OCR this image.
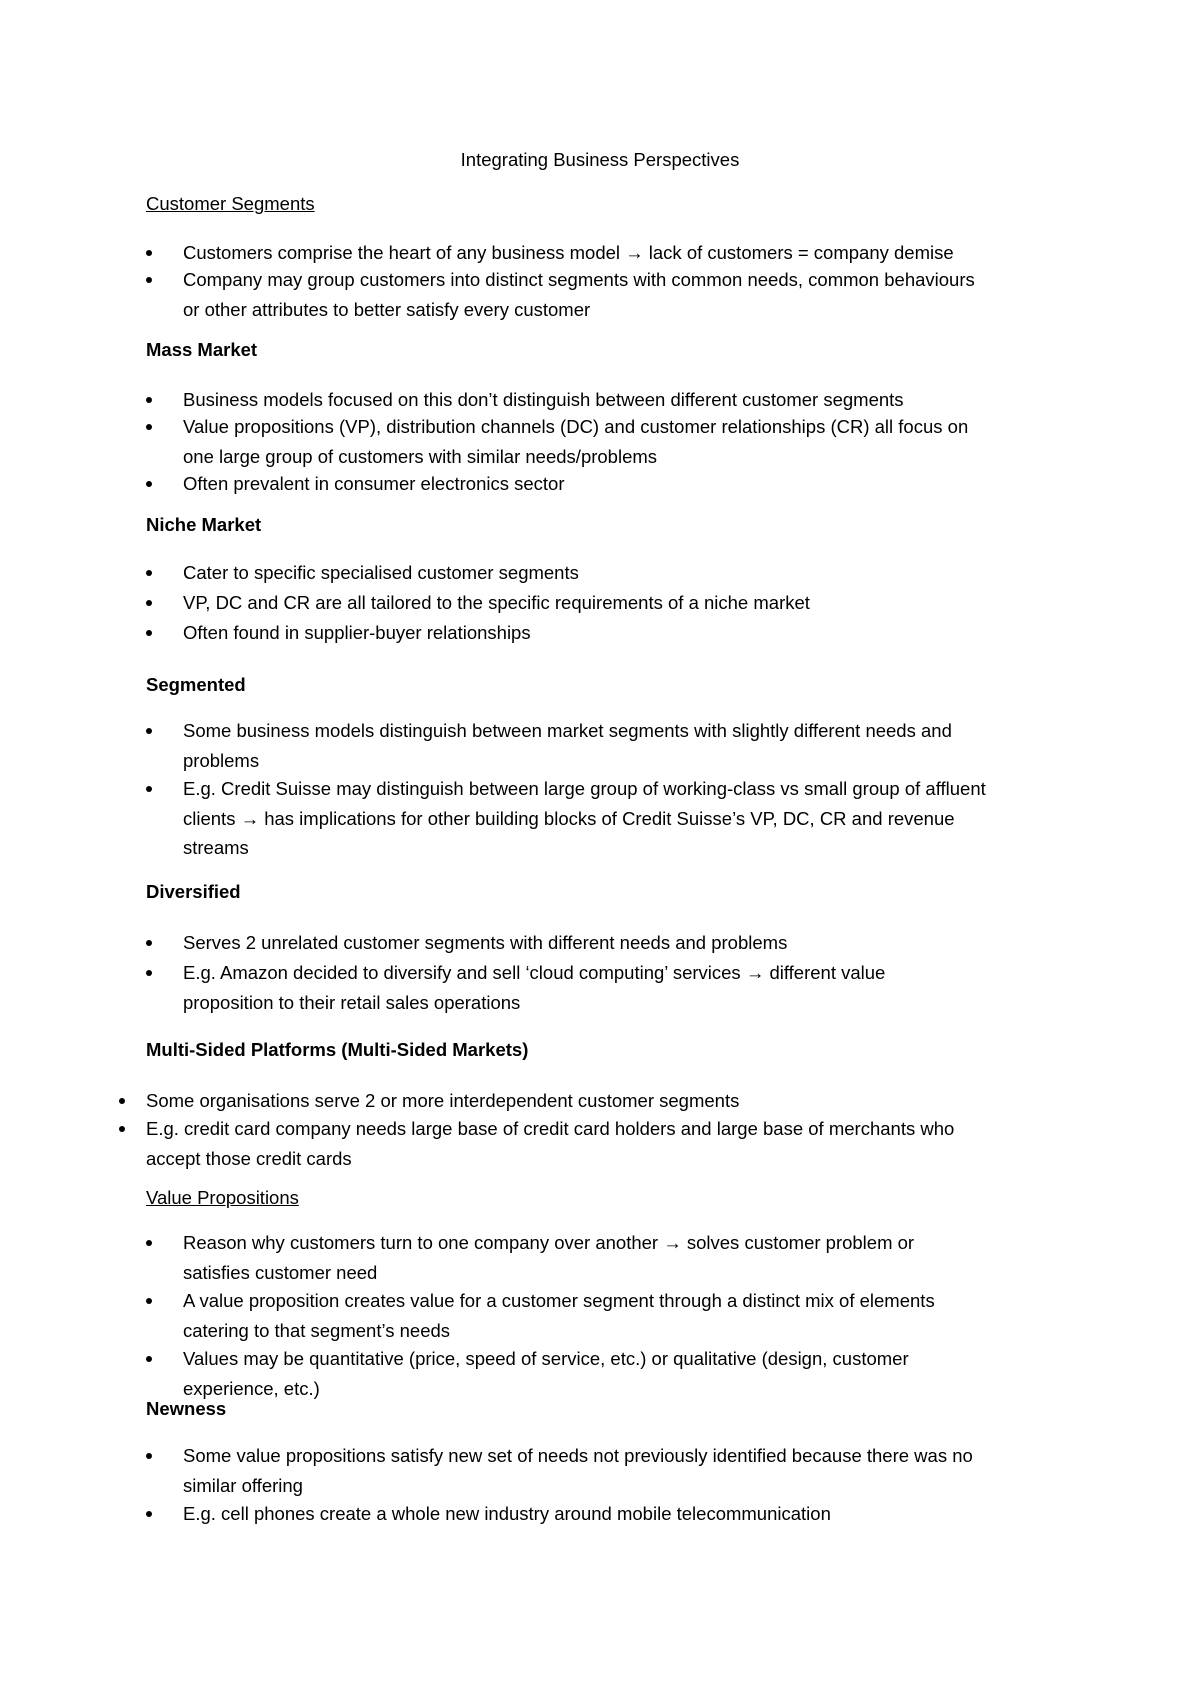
Integrating Business Perspectives
Customer Segments
Customers comprise the heart of any business model → lack of customers = company demise
Company may group customers into distinct segments with common needs, common behaviours
or other attributes to better satisfy every customer
Mass Market
Business models focused on this don’t distinguish between different customer segments
Value propositions (VP), distribution channels (DC) and customer relationships (CR) all focus on
one large group of customers with similar needs/problems
Often prevalent in consumer electronics sector
Niche Market
Cater to specific specialised customer segments
VP, DC and CR are all tailored to the specific requirements of a niche market
Often found in supplier-buyer relationships
Segmented
Some business models distinguish between market segments with slightly different needs and
problems
E.g. Credit Suisse may distinguish between large group of working-class vs small group of affluent
clients → has implications for other building blocks of Credit Suisse’s VP, DC, CR and revenue
streams
Diversified
Serves 2 unrelated customer segments with different needs and problems
E.g. Amazon decided to diversify and sell ‘cloud computing’ services → different value
proposition to their retail sales operations
Multi-Sided Platforms (Multi-Sided Markets)
Some organisations serve 2 or more interdependent customer segments
E.g. credit card company needs large base of credit card holders and large base of merchants who
accept those credit cards
Value Propositions
Reason why customers turn to one company over another → solves customer problem or
satisfies customer need
A value proposition creates value for a customer segment through a distinct mix of elements
catering to that segment’s needs
Values may be quantitative (price, speed of service, etc.) or qualitative (design, customer
experience, etc.)
Newness
Some value propositions satisfy new set of needs not previously identified because there was no
similar offering
E.g. cell phones create a whole new industry around mobile telecommunication
